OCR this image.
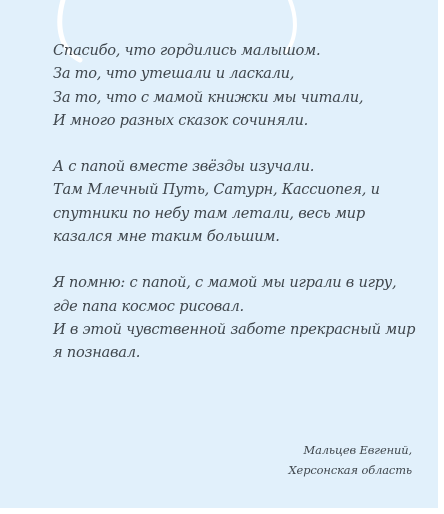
Спасибо, что гордились малышом.
За то, что утешали и ласкали,
За то, что с мамой книжки мы читали,
И много разных сказок сочиняли.
А с папой вместе звёзды изучали.
Там Млечный Путь, Сатурн, Кассиопея, и
спутники по небу там летали, весь мир
казался мне таким большим.
Я помню: с папой, с мамой мы играли в игру,
где папа космос рисовал.
И в этой чувственной заботе прекрасный мир
я познавал.
Мальцев Евгений,
Херсонская область
